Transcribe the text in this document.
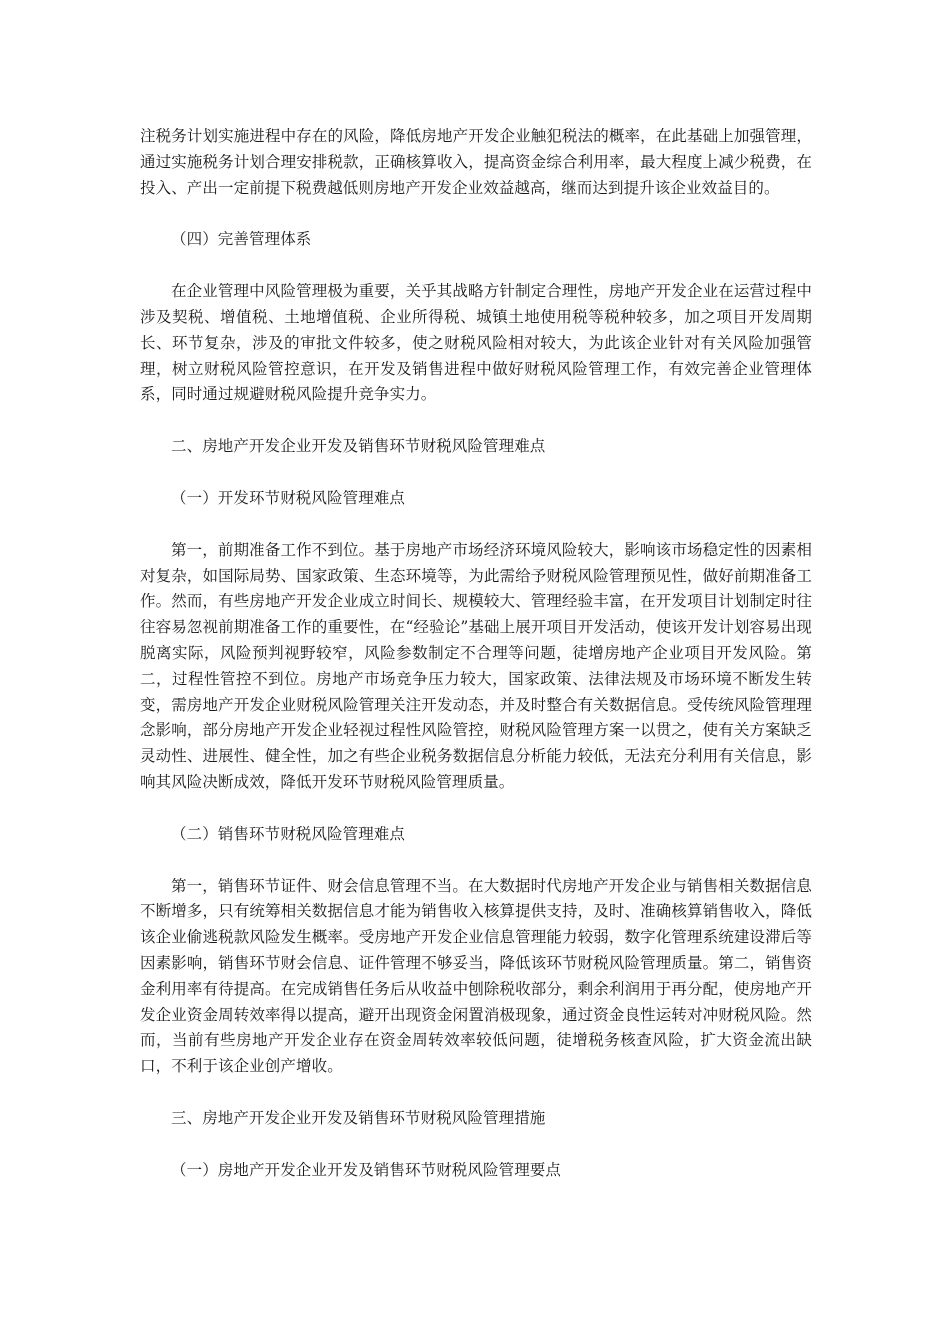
注税务计划实施进程中存在的风险，降低房地产开发企业触犯税法的概率，在此基础上加强管理，通过实施税务计划合理安排税款，正确核算收入，提高资金综合利用率，最大程度上减少税费，在投入、产出一定前提下税费越低则房地产开发企业效益越高，继而达到提升该企业效益目的。

（四）完善管理体系

在企业管理中风险管理极为重要，关乎其战略方针制定合理性，房地产开发企业在运营过程中涉及契税、增值税、土地增值税、企业所得税、城镇土地使用税等税种较多，加之项目开发周期长、环节复杂，涉及的审批文件较多，使之财税风险相对较大，为此该企业针对有关风险加强管理，树立财税风险管控意识，在开发及销售进程中做好财税风险管理工作，有效完善企业管理体系，同时通过规避财税风险提升竞争实力。

二、房地产开发企业开发及销售环节财税风险管理难点

（一）开发环节财税风险管理难点

第一，前期准备工作不到位。基于房地产市场经济环境风险较大，影响该市场稳定性的因素相对复杂，如国际局势、国家政策、生态环境等，为此需给予财税风险管理预见性，做好前期准备工作。然而，有些房地产开发企业成立时间长、规模较大、管理经验丰富，在开发项目计划制定时往往容易忽视前期准备工作的重要性，在“经验论”基础上展开项目开发活动，使该开发计划容易出现脱离实际，风险预判视野较窄，风险参数制定不合理等问题，徒增房地产企业项目开发风险。第二，过程性管控不到位。房地产市场竞争压力较大，国家政策、法律法规及市场环境不断发生转变，需房地产开发企业财税风险管理关注开发动态，并及时整合有关数据信息。受传统风险管理理念影响，部分房地产开发企业轻视过程性风险管控，财税风险管理方案一以贯之，使有关方案缺乏灵动性、进展性、健全性，加之有些企业税务数据信息分析能力较低，无法充分利用有关信息，影响其风险决断成效，降低开发环节财税风险管理质量。

（二）销售环节财税风险管理难点

第一，销售环节证件、财会信息管理不当。在大数据时代房地产开发企业与销售相关数据信息不断增多，只有统筹相关数据信息才能为销售收入核算提供支持，及时、准确核算销售收入，降低该企业偷逃税款风险发生概率。受房地产开发企业信息管理能力较弱，数字化管理系统建设滞后等因素影响，销售环节财会信息、证件管理不够妥当，降低该环节财税风险管理质量。第二，销售资金利用率有待提高。在完成销售任务后从收益中刨除税收部分，剩余利润用于再分配，使房地产开发企业资金周转效率得以提高，避开出现资金闲置消极现象，通过资金良性运转对冲财税风险。然而，当前有些房地产开发企业存在资金周转效率较低问题，徒增税务核查风险，扩大资金流出缺口，不利于该企业创产增收。

三、房地产开发企业开发及销售环节财税风险管理措施

（一）房地产开发企业开发及销售环节财税风险管理要点
